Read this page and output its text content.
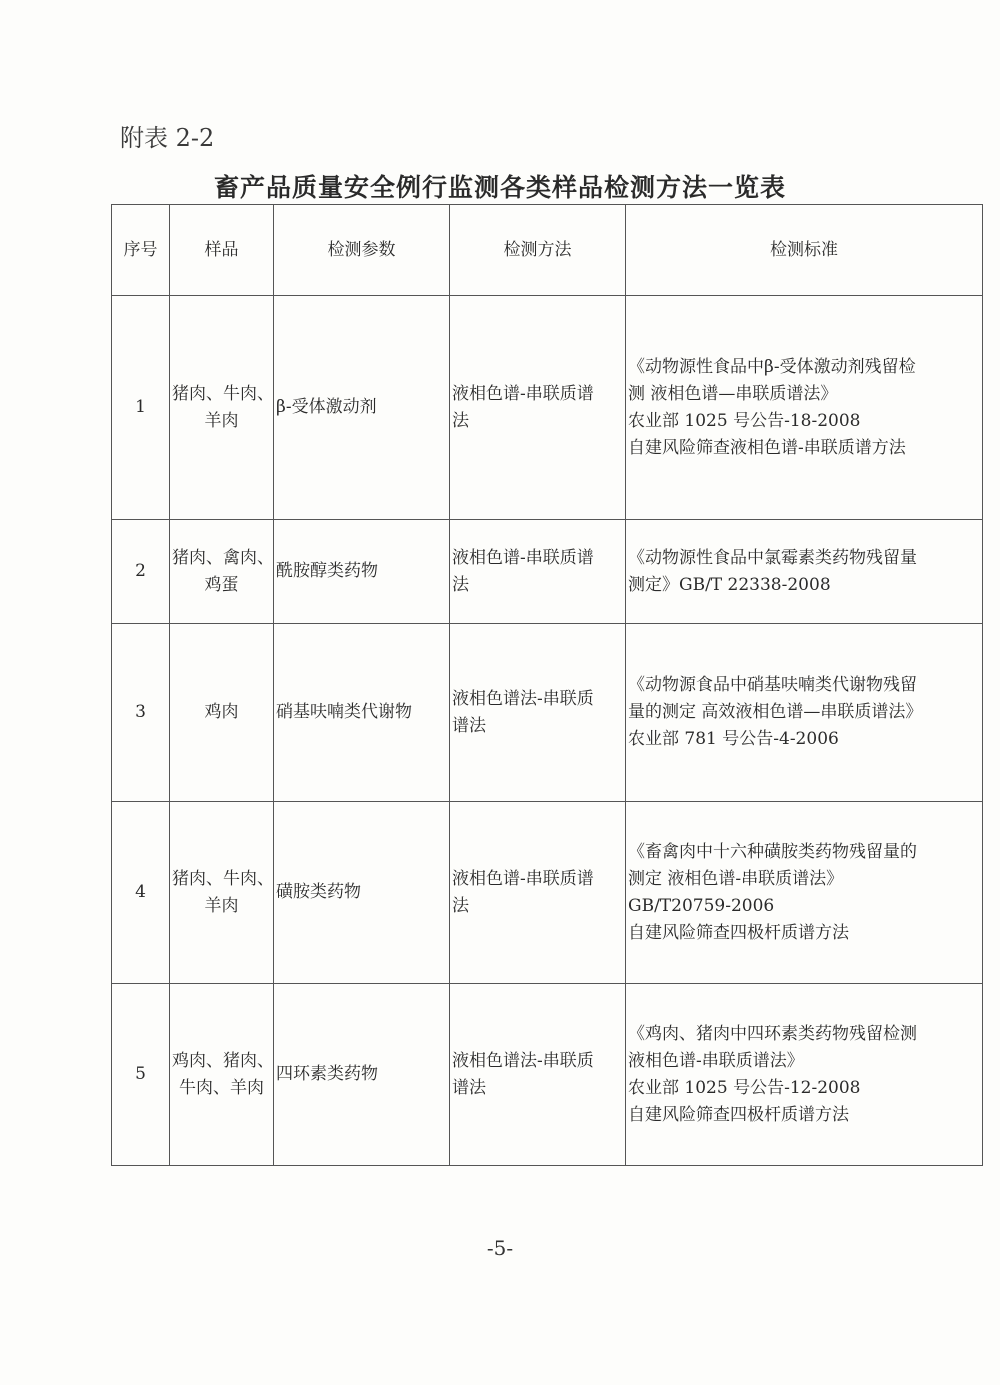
附表 2-2
畜产品质量安全例行监测各类样品检测方法一览表
序号	样品	检测参数	检测方法	检测标准
1	猪肉、牛肉、
羊肉	β-受体激动剂	液相色谱-串联质谱
法	《动物源性食品中β-受体激动剂残留检
测 液相色谱—串联质谱法》
农业部 1025 号公告-18-2008
自建风险筛查液相色谱-串联质谱方法

2	猪肉、禽肉、
鸡蛋	酰胺醇类药物	液相色谱-串联质谱
法	《动物源性食品中氯霉素类药物残留量
测定》GB/T 22338-2008

3	鸡肉	硝基呋喃类代谢物	液相色谱法-串联质
谱法	《动物源食品中硝基呋喃类代谢物残留
量的测定 高效液相色谱—串联质谱法》
农业部 781 号公告-4-2006

4	猪肉、牛肉、
羊肉	磺胺类药物	液相色谱-串联质谱
法	《畜禽肉中十六种磺胺类药物残留量的
测定 液相色谱-串联质谱法》
GB/T20759-2006
自建风险筛查四极杆质谱方法

5	鸡肉、猪肉、
牛肉、羊肉	四环素类药物	液相色谱法-串联质
谱法	《鸡肉、猪肉中四环素类药物残留检测
液相色谱-串联质谱法》
农业部 1025 号公告-12-2008
自建风险筛查四极杆质谱方法
-5-
